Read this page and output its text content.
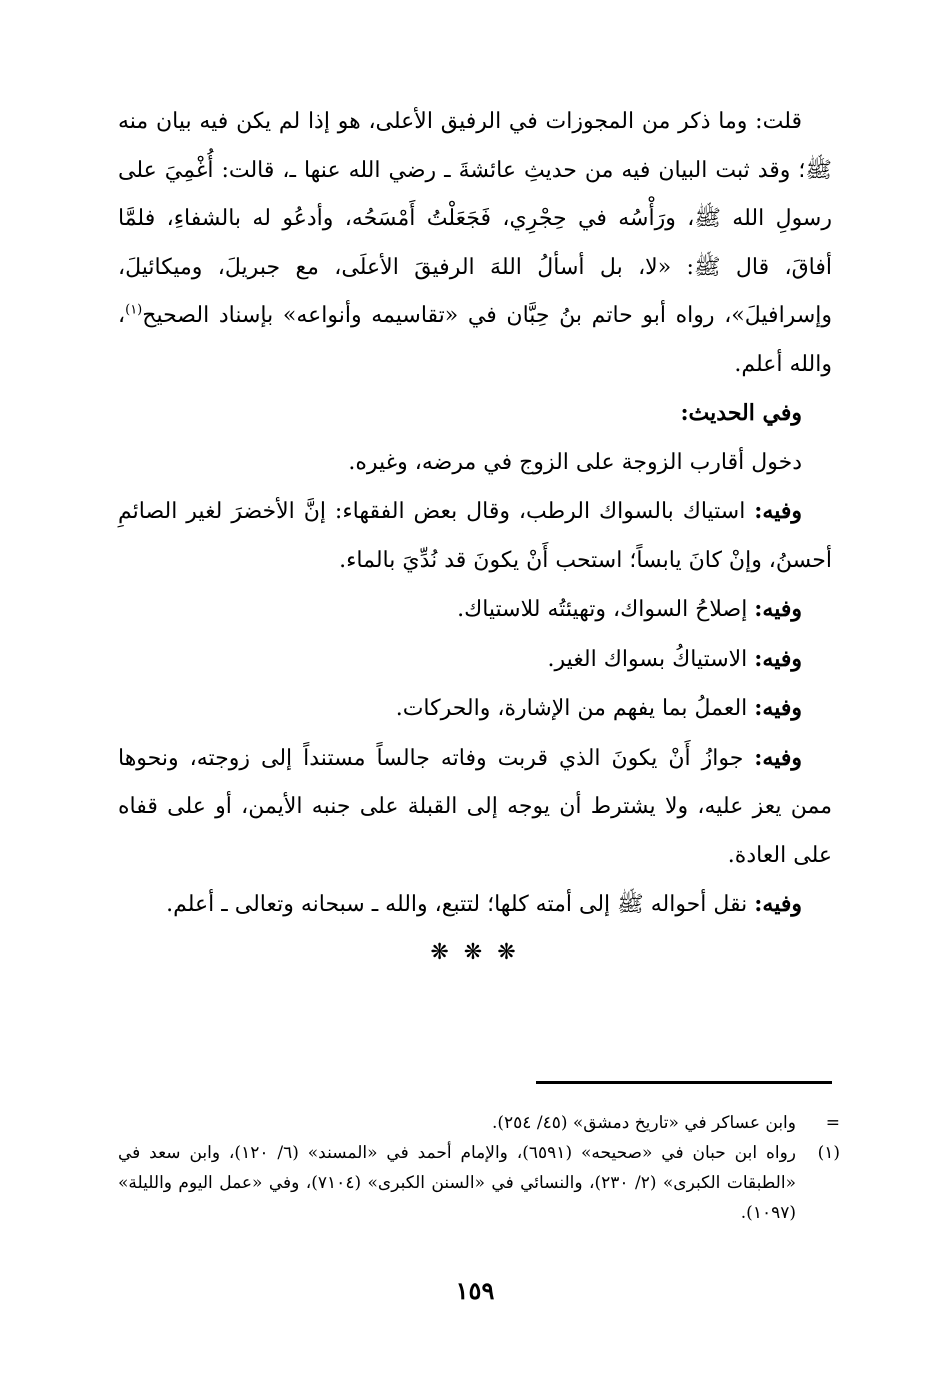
قلت: وما ذكر من المجوزات في الرفيق الأعلى، هو إذا لم يكن فيه بيان منه ﷺ؛ وقد ثبت البيان فيه من حديثِ عائشةَ ـ رضي الله عنها ـ، قالت: أُغْمِيَ على رسولِ الله ﷺ، ورَأْسُه في حِجْرِي، فَجَعَلْتُ أَمْسَحُه، وأدعُو له بالشفاءِ، فلمَّا أفاقَ، قال ﷺ: «لا، بل أسألُ اللهَ الرفيقَ الأعلَى، مع جبريلَ، وميكائيلَ، وإسرافيلَ»، رواه أبو حاتم بنُ حِبَّان في «تقاسيمه وأنواعه» بإسناد الصحيح$^{(١)}$، والله أعلم.

وفي الحديث:

دخول أقارب الزوجة على الزوج في مرضه، وغيره.

وفيه: استياك بالسواك الرطب، وقال بعض الفقهاء: إنَّ الأخضرَ لغير الصائمِ أحسنُ، وإنْ كانَ يابساً؛ استحب أَنْ يكونَ قد نُدِّيَ بالماء.

وفيه: إصلاحُ السواك، وتهيئتُه للاستياك.

وفيه: الاستياكُ بسواك الغير.

وفيه: العملُ بما يفهم من الإشارة، والحركات.

وفيه: جوازُ أَنْ يكونَ الذي قربت وفاته جالساً مستنداً إلى زوجته، ونحوها ممن يعز عليه، ولا يشترط أن يوجه إلى القبلة على جنبه الأيمن، أو على قفاه على العادة.

وفيه: نقل أحواله ﷺ إلى أمته كلها؛ لتتبع، والله ـ سبحانه وتعالى ـ أعلم.

❋ ❋ ❋

=
وابن عساكر في «تاريخ دمشق» (٤٥/ ٢٥٤).

(١)
رواه ابن حبان في «صحيحه» (٦٥٩١)، والإمام أحمد في «المسند» (٦/ ١٢٠)، وابن سعد في «الطبقات الكبرى» (٢/ ٢٣٠)، والنسائي في «السنن الكبرى» (٧١٠٤)، وفي «عمل اليوم والليلة» (١٠٩٧).

١٥٩
